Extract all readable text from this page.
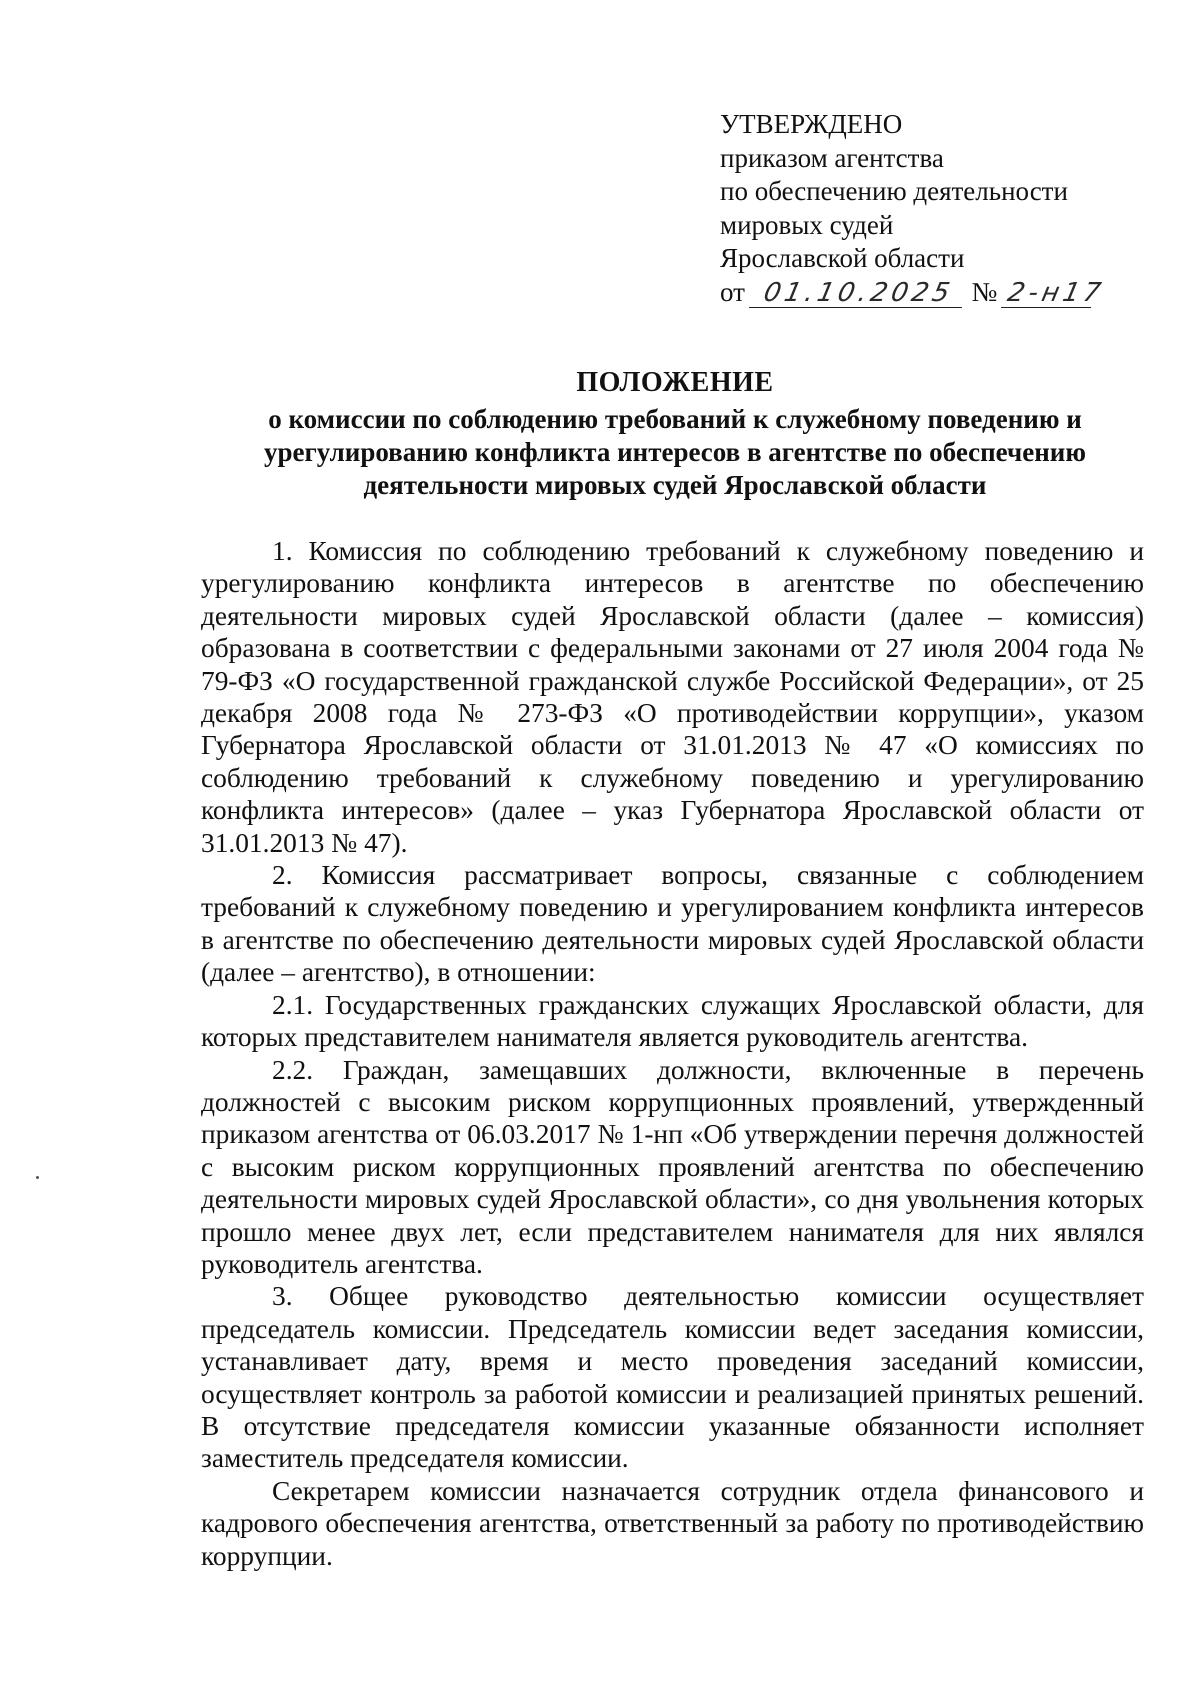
УТВЕРЖДЕНО
приказом агентства
по обеспечению деятельности
мировых судей
Ярославской области
от 01.10.2025 № 2-н17
ПОЛОЖЕНИЕ
о комиссии по соблюдению требований к служебному поведению и урегулированию конфликта интересов в агентстве по обеспечению деятельности мировых судей Ярославской области

1. Комиссия по соблюдению требований к служебному поведению и урегулированию конфликта интересов в агентстве по обеспечению деятельности мировых судей Ярославской области (далее – комиссия) образована в соответствии с федеральными законами от 27 июля 2004 года № 79-ФЗ «О государственной гражданской службе Российской Федерации», от 25 декабря 2008 года № 273-ФЗ «О противодействии коррупции», указом Губернатора Ярославской области от 31.01.2013 № 47 «О комиссиях по соблюдению требований к служебному поведению и урегулированию конфликта интересов» (далее – указ Губернатора Ярославской области от 31.01.2013 № 47).

2. Комиссия рассматривает вопросы, связанные с соблюдением требований к служебному поведению и урегулированием конфликта интересов в агентстве по обеспечению деятельности мировых судей Ярославской области (далее – агентство), в отношении:

2.1. Государственных гражданских служащих Ярославской области, для которых представителем нанимателя является руководитель агентства.

2.2. Граждан, замещавших должности, включенные в перечень должностей с высоким риском коррупционных проявлений, утвержденный приказом агентства от 06.03.2017 № 1-нп «Об утверждении перечня должностей с высоким риском коррупционных проявлений агентства по обеспечению деятельности мировых судей Ярославской области», со дня увольнения которых прошло менее двух лет, если представителем нанимателя для них являлся руководитель агентства.

3. Общее руководство деятельностью комиссии осуществляет председатель комиссии. Председатель комиссии ведет заседания комиссии, устанавливает дату, время и место проведения заседаний комиссии, осуществляет контроль за работой комиссии и реализацией принятых решений. В отсутствие председателя комиссии указанные обязанности исполняет заместитель председателя комиссии.

Секретарем комиссии назначается сотрудник отдела финансового и кадрового обеспечения агентства, ответственный за работу по противодействию коррупции.
